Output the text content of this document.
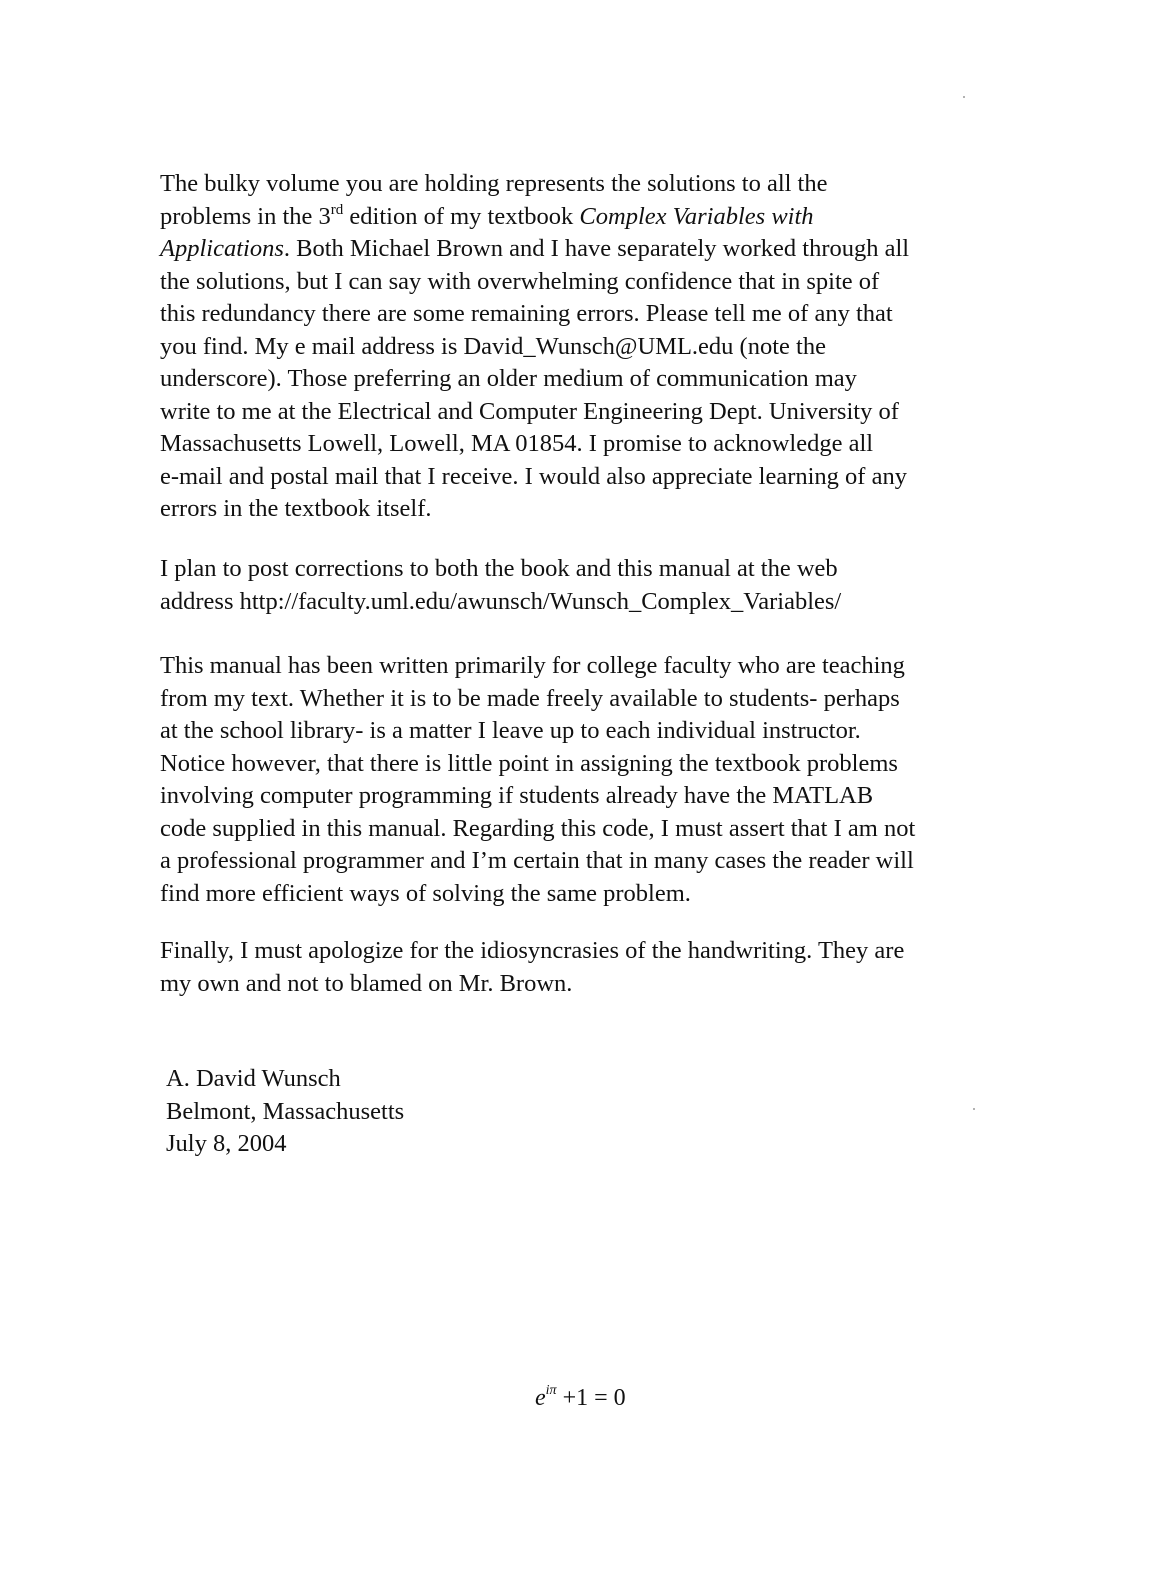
The bulky volume you are holding represents the solutions to all the
problems in the 3rd edition of my textbook Complex Variables with
Applications. Both Michael Brown and I have separately worked through all
the solutions, but I can say with overwhelming confidence that in spite of
this redundancy there are some remaining errors. Please tell me of any that
you find. My e mail address is David_Wunsch@UML.edu (note the
underscore). Those preferring an older medium of communication may
write to me at the Electrical and Computer Engineering Dept. University of
Massachusetts Lowell, Lowell, MA 01854. I promise to acknowledge all
e-mail and postal mail that I receive. I would also appreciate learning of any
errors in the textbook itself.

I plan to post corrections to both the book and this manual at the web
address http://faculty.uml.edu/awunsch/Wunsch_Complex_Variables/

This manual has been written primarily for college faculty who are teaching
from my text. Whether it is to be made freely available to students- perhaps
at the school library- is a matter I leave up to each individual instructor.
Notice however, that there is little point in assigning the textbook problems
involving computer programming if students already have the MATLAB
code supplied in this manual. Regarding this code, I must assert that I am not
a professional programmer and I’m certain that in many cases the reader will
find more efficient ways of solving the same problem.

Finally, I must apologize for the idiosyncrasies of the handwriting. They are
my own and not to blamed on Mr. Brown.

A. David Wunsch
Belmont, Massachusetts
July 8, 2004
$e^{i\pi} +1 = 0$
